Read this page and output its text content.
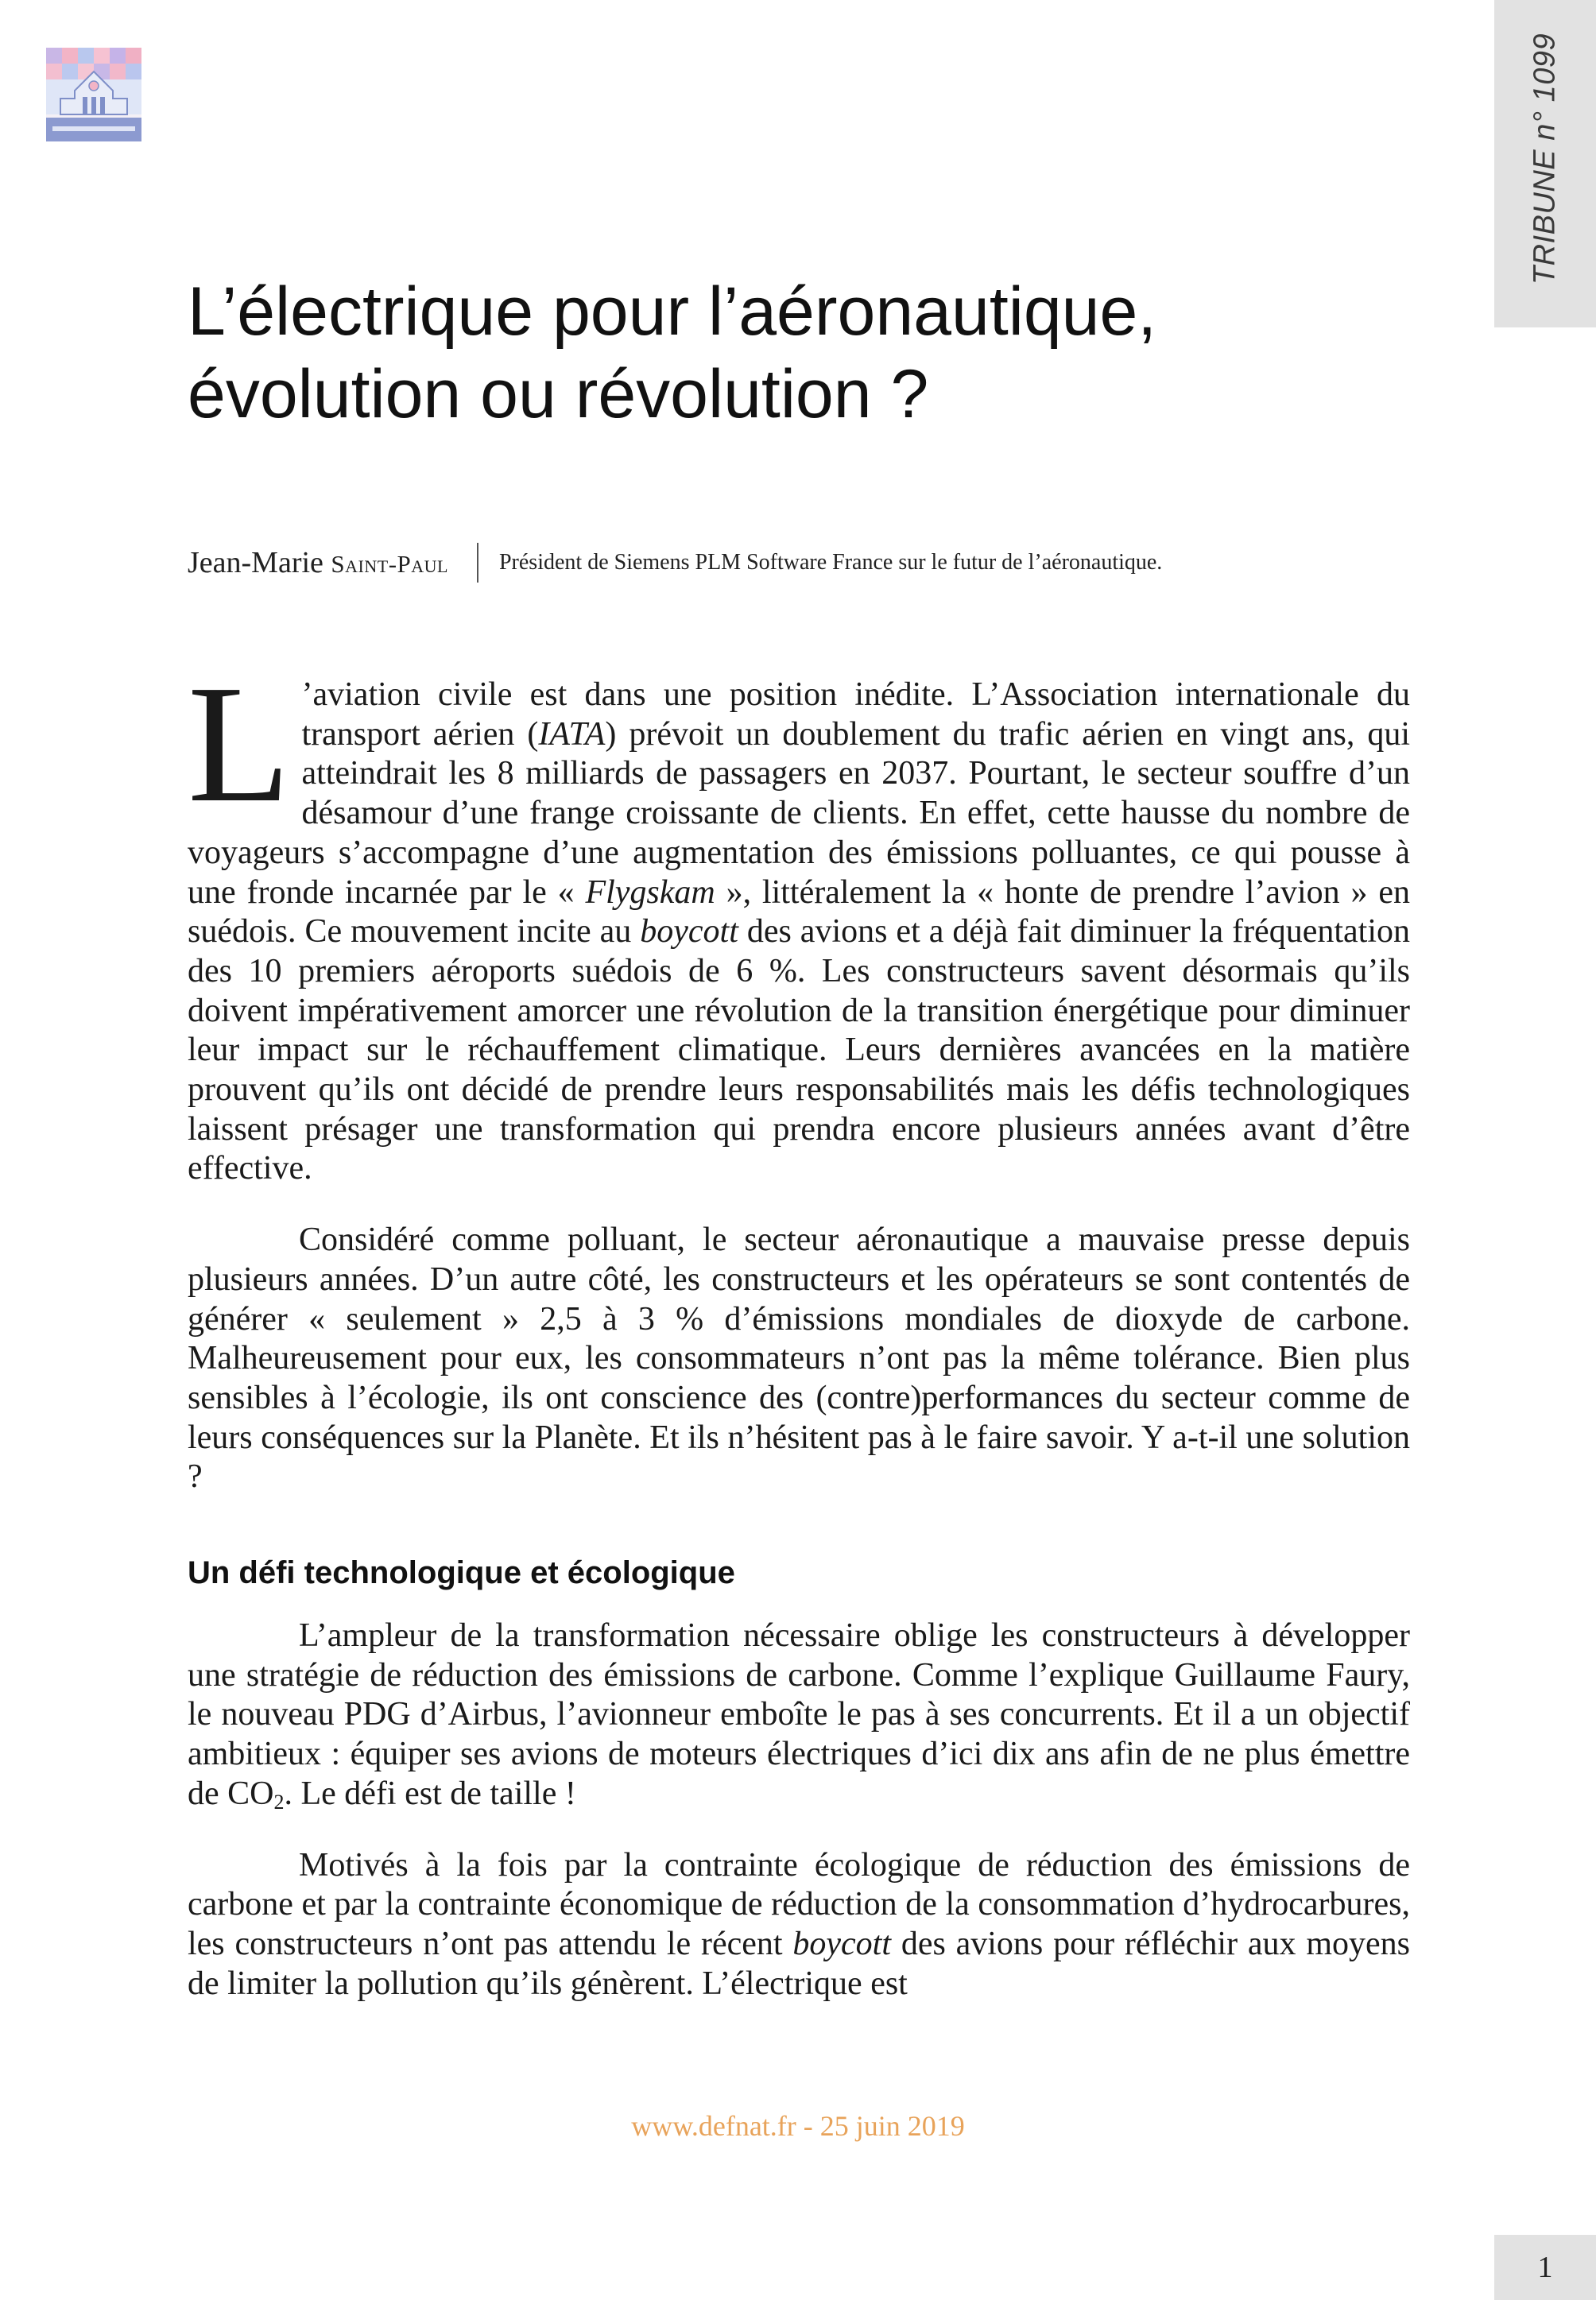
TRIBUNE n° 1099
L’électrique pour l’aéronautique,
évolution ou révolution ?
Jean-Marie Saint-Paul Président de Siemens PLM Software France sur le futur de l’aéronautique.

L ’aviation civile est dans une position inédite. L’Association internationale du transport aérien (IATA) prévoit un doublement du trafic aérien en vingt ans, qui atteindrait les 8 milliards de passagers en 2037. Pourtant, le secteur souffre d’un désamour d’une frange croissante de clients. En effet, cette hausse du nombre de voyageurs s’accompagne d’une augmentation des émissions polluantes, ce qui pousse à une fronde incarnée par le « Flygskam », littéralement la « honte de prendre l’avion » en suédois. Ce mouvement incite au boycott des avions et a déjà fait diminuer la fréquentation des 10 premiers aéroports suédois de 6 %. Les constructeurs savent désormais qu’ils doivent impérativement amorcer une révolution de la transition énergétique pour diminuer leur impact sur le réchauffement climatique. Leurs dernières avancées en la matière prouvent qu’ils ont décidé de prendre leurs responsabilités mais les défis technologiques laissent présager une transformation qui prendra encore plusieurs années avant d’être effective.

Considéré comme polluant, le secteur aéronautique a mauvaise presse depuis plusieurs années. D’un autre côté, les constructeurs et les opérateurs se sont contentés de générer « seulement » 2,5 à 3 % d’émissions mondiales de dioxyde de carbone. Malheureusement pour eux, les consommateurs n’ont pas la même tolérance. Bien plus sensibles à l’écologie, ils ont conscience des (contre)performances du secteur comme de leurs conséquences sur la Planète. Et ils n’hésitent pas à le faire savoir. Y a-t-il une solution ?

Un défi technologique et écologique

L’ampleur de la transformation nécessaire oblige les constructeurs à développer une stratégie de réduction des émissions de carbone. Comme l’explique Guillaume Faury, le nouveau PDG d’Airbus, l’avionneur emboîte le pas à ses concurrents. Et il a un objectif ambitieux : équiper ses avions de moteurs électriques d’ici dix ans afin de ne plus émettre de $CO_2$. Le défi est de taille !

Motivés à la fois par la contrainte écologique de réduction des émissions de carbone et par la contrainte économique de réduction de la consommation d’hydrocarbures, les constructeurs n’ont pas attendu le récent boycott des avions pour réfléchir aux moyens de limiter la pollution qu’ils génèrent. L’électrique est

www.defnat.fr - 25 juin 2019
1
